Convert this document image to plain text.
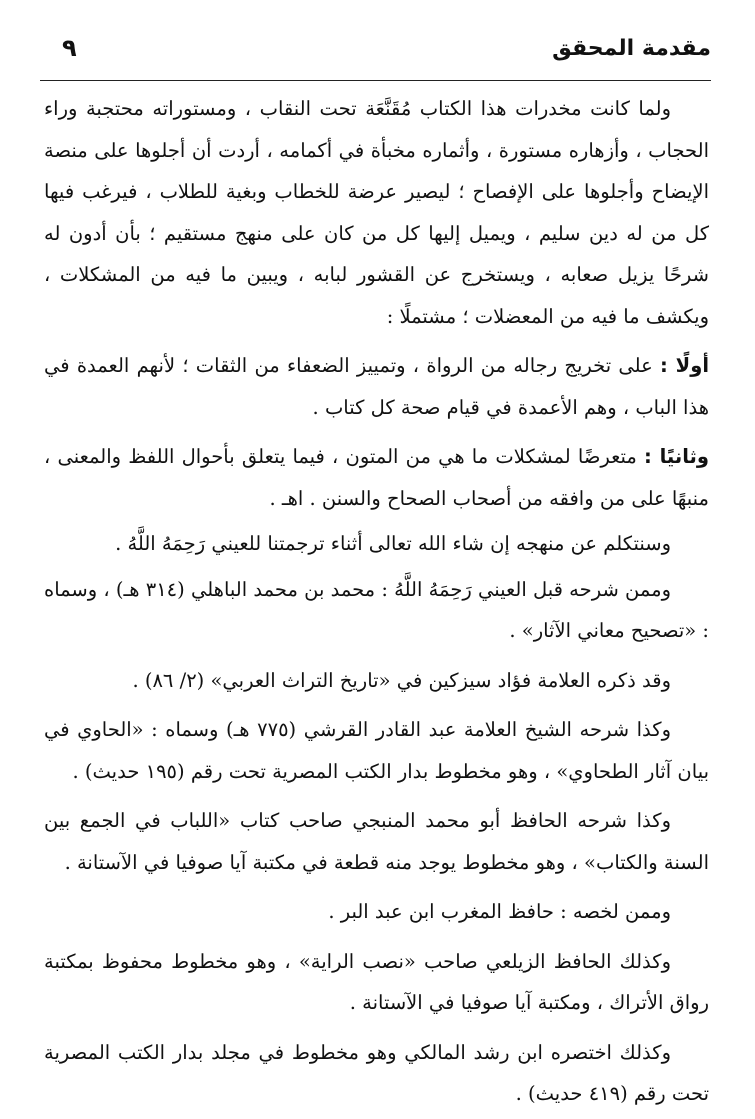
مقدمة المحقق
٩

ولما كانت مخدرات هذا الكتاب مُقَنَّعَة تحت النقاب ، ومستوراته محتجبة وراء الحجاب ، وأزهاره مستورة ، وأثماره مخبأة في أكمامه ، أردت أن أجلوها على منصة الإيضاح وأجلوها على الإفصاح ؛ ليصير عرضة للخطاب وبغية للطلاب ، فيرغب فيها كل من له دين سليم ، ويميل إليها كل من كان على منهج مستقيم ؛ بأن أدون له شرحًا يزيل صعابه ، ويستخرج عن القشور لبابه ، ويبين ما فيه من المشكلات ، ويكشف ما فيه من المعضلات ؛ مشتملًا :

أولًا : على تخريج رجاله من الرواة ، وتمييز الضعفاء من الثقات ؛ لأنهم العمدة في هذا الباب ، وهم الأعمدة في قيام صحة كل كتاب .

وثانيًا : متعرضًا لمشكلات ما هي من المتون ، فيما يتعلق بأحوال اللفظ والمعنى ، منبهًا على من وافقه من أصحاب الصحاح والسنن . اهـ .

وسنتكلم عن منهجه إن شاء الله تعالى أثناء ترجمتنا للعيني رَحِمَهُ اللَّهُ .

وممن شرحه قبل العيني رَحِمَهُ اللَّهُ : محمد بن محمد الباهلي (٣١٤ هـ) ، وسماه : «تصحيح معاني الآثار» .

وقد ذكره العلامة فؤاد سيزكين في «تاريخ التراث العربي» (٢/ ٨٦) .

وكذا شرحه الشيخ العلامة عبد القادر القرشي (٧٧٥ هـ) وسماه : «الحاوي في بيان آثار الطحاوي» ، وهو مخطوط بدار الكتب المصرية تحت رقم (١٩٥ حديث) .

وكذا شرحه الحافظ أبو محمد المنبجي صاحب كتاب «اللباب في الجمع بين السنة والكتاب» ، وهو مخطوط يوجد منه قطعة في مكتبة آيا صوفيا في الآستانة .

وممن لخصه : حافظ المغرب ابن عبد البر .

وكذلك الحافظ الزيلعي صاحب «نصب الراية» ، وهو مخطوط محفوظ بمكتبة رواق الأتراك ، ومكتبة آيا صوفيا في الآستانة .

وكذلك اختصره ابن رشد المالكي وهو مخطوط في مجلد بدار الكتب المصرية تحت رقم (٤١٩ حديث) .
